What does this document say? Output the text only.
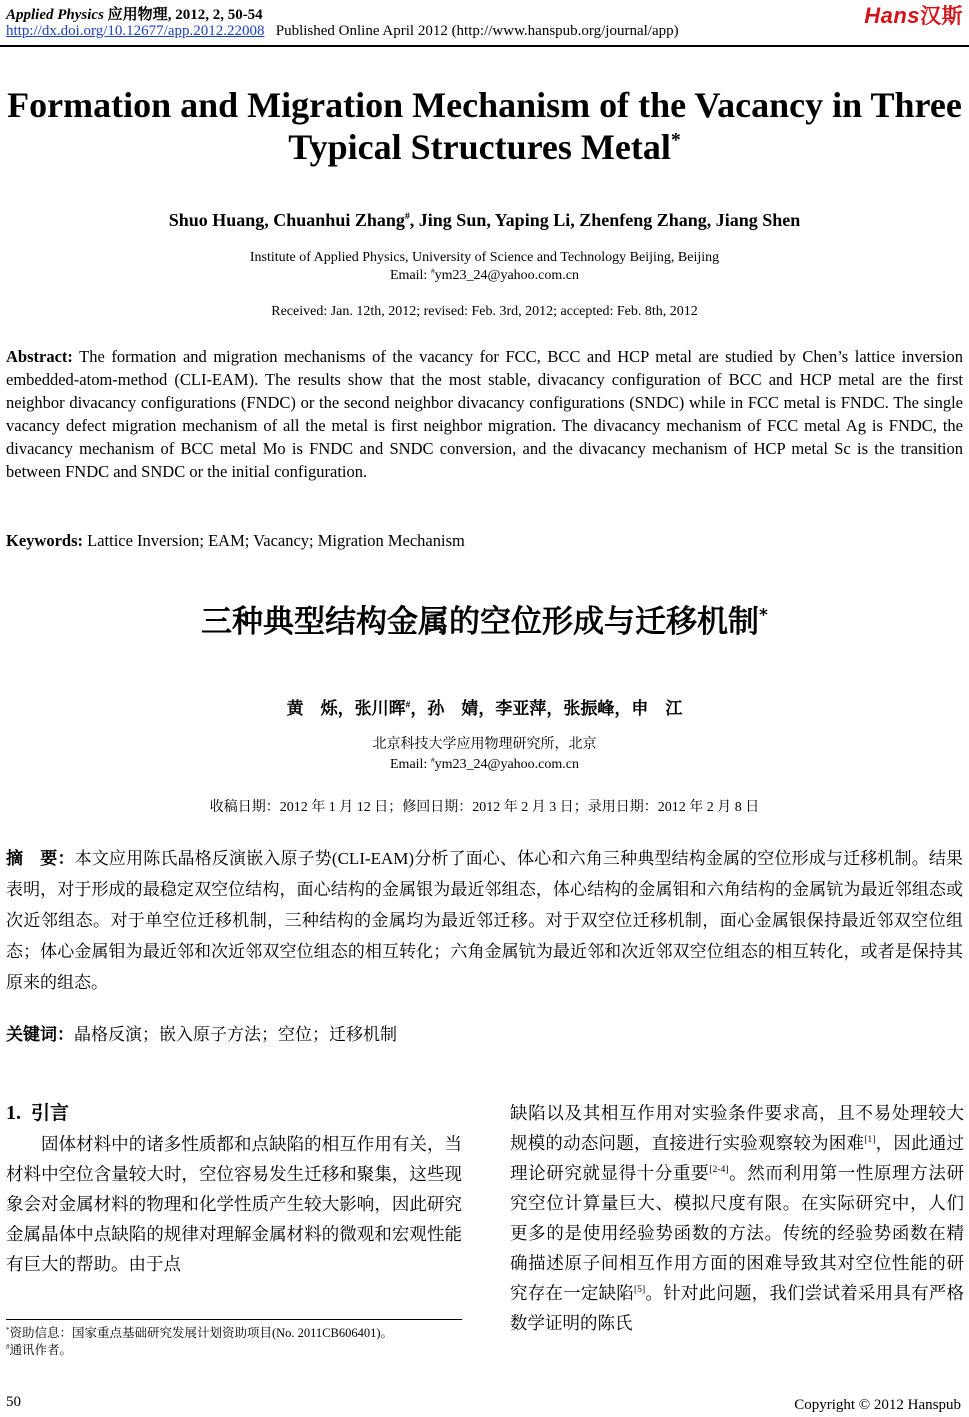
Applied Physics 应用物理, 2012, 2, 50-54
http://dx.doi.org/10.12677/app.2012.22008 Published Online April 2012 (http://www.hanspub.org/journal/app)
Hans汉斯
Formation and Migration Mechanism of the Vacancy in Three Typical Structures Metal*
Shuo Huang, Chuanhui Zhang#, Jing Sun, Yaping Li, Zhenfeng Zhang, Jiang Shen
Institute of Applied Physics, University of Science and Technology Beijing, Beijing
Email: #ym23_24@yahoo.com.cn
Received: Jan. 12th, 2012; revised: Feb. 3rd, 2012; accepted: Feb. 8th, 2012
Abstract: The formation and migration mechanisms of the vacancy for FCC, BCC and HCP metal are studied by Chen’s lattice inversion embedded-atom-method (CLI-EAM). The results show that the most stable, divacancy configuration of BCC and HCP metal are the first neighbor divacancy configurations (FNDC) or the second neighbor divacancy configurations (SNDC) while in FCC metal is FNDC. The single vacancy defect migration mechanism of all the metal is first neighbor migration. The divacancy mechanism of FCC metal Ag is FNDC, the divacancy mechanism of BCC metal Mo is FNDC and SNDC conversion, and the divacancy mechanism of HCP metal Sc is the transition between FNDC and SNDC or the initial configuration.
Keywords: Lattice Inversion; EAM; Vacancy; Migration Mechanism
三种典型结构金属的空位形成与迁移机制*
黄　烁，张川晖#，孙　婧，李亚萍，张振峰，申　江
北京科技大学应用物理研究所，北京
Email: #ym23_24@yahoo.com.cn
收稿日期：2012 年 1 月 12 日；修回日期：2012 年 2 月 3 日；录用日期：2012 年 2 月 8 日
摘　要：本文应用陈氏晶格反演嵌入原子势(CLI-EAM)分析了面心、体心和六角三种典型结构金属的空位形成与迁移机制。结果表明，对于形成的最稳定双空位结构，面心结构的金属银为最近邻组态，体心结构的金属钼和六角结构的金属钪为最近邻组态或次近邻组态。对于单空位迁移机制，三种结构的金属均为最近邻迁移。对于双空位迁移机制，面心金属银保持最近邻双空位组态；体心金属钼为最近邻和次近邻双空位组态的相互转化；六角金属钪为最近邻和次近邻双空位组态的相互转化，或者是保持其原来的组态。
关键词：晶格反演；嵌入原子方法；空位；迁移机制
1. 引言

固体材料中的诸多性质都和点缺陷的相互作用有关，当材料中空位含量较大时，空位容易发生迁移和聚集，这些现象会对金属材料的物理和化学性质产生较大影响，因此研究金属晶体中点缺陷的规律对理解金属材料的微观和宏观性能有巨大的帮助。由于点

缺陷以及其相互作用对实验条件要求高，且不易处理较大规模的动态问题，直接进行实验观察较为困难[1]，因此通过理论研究就显得十分重要[2-4]。然而利用第一性原理方法研究空位计算量巨大、模拟尺度有限。在实际研究中，人们更多的是使用经验势函数的方法。传统的经验势函数在精确描述原子间相互作用方面的困难导致其对空位性能的研究存在一定缺陷[5]。针对此问题，我们尝试着采用具有严格数学证明的陈氏

*资助信息：国家重点基础研究发展计划资助项目(No. 2011CB606401)。
#通讯作者。
50	Copyright © 2012 Hanspub
